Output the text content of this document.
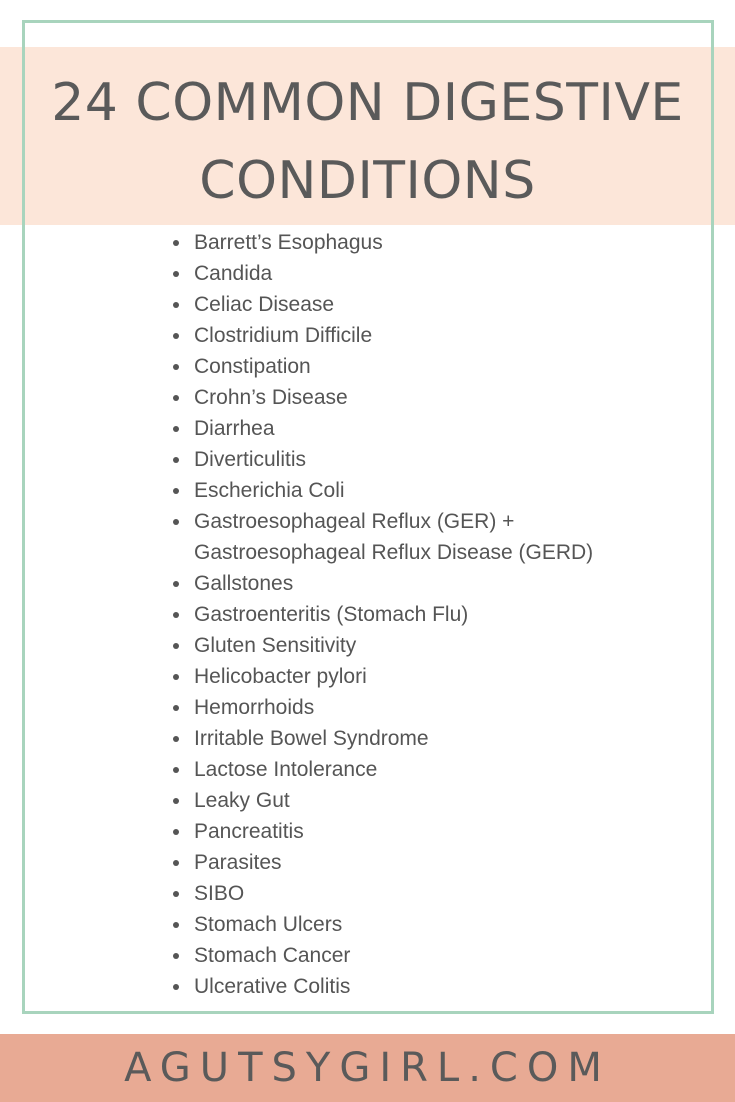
24 COMMON DIGESTIVE
CONDITIONS
Barrett’s Esophagus
Candida
Celiac Disease
Clostridium Difficile
Constipation
Crohn’s Disease
Diarrhea
Diverticulitis
Escherichia Coli
Gastroesophageal Reflux (GER) +
Gastroesophageal Reflux Disease (GERD)
Gallstones
Gastroenteritis (Stomach Flu)
Gluten Sensitivity
Helicobacter pylori
Hemorrhoids
Irritable Bowel Syndrome
Lactose Intolerance
Leaky Gut
Pancreatitis
Parasites
SIBO
Stomach Ulcers
Stomach Cancer
Ulcerative Colitis
AGUTSYGIRL.COM
